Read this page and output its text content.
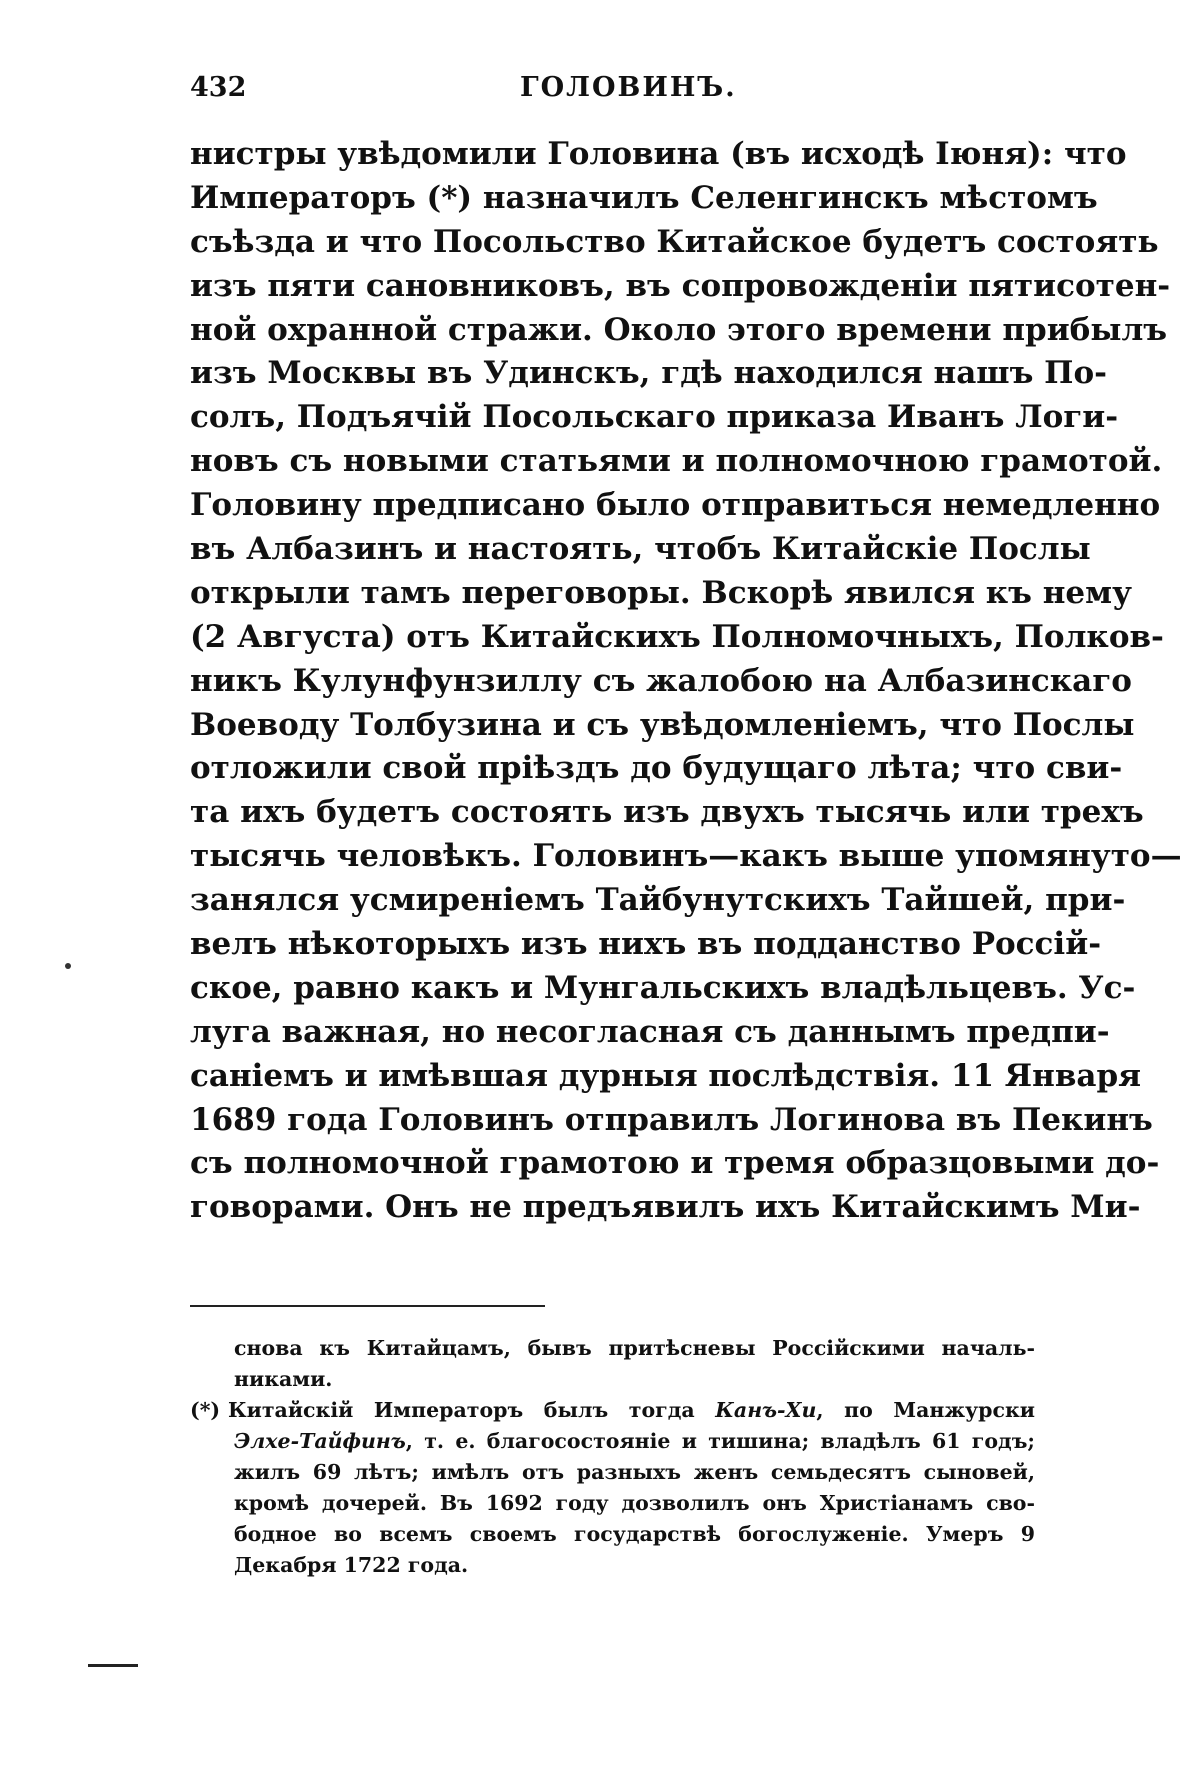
432	ГОЛОВИНЪ.
нистры увѣдомили Головина (въ исходѣ Іюня): что
Императоръ (*) назначилъ Селенгинскъ мѣстомъ
съѣзда и что Посольство Китайское будетъ состоять
изъ пяти сановниковъ, въ сопровожденіи пятисотен-
ной охранной стражи. Около этого времени прибылъ
изъ Москвы въ Удинскъ, гдѣ находился нашъ По-
солъ, Подъячій Посольскаго приказа Иванъ Логи-
новъ съ новыми статьями и полномочною грамотой.
Головину предписано было отправиться немедленно
въ Албазинъ и настоять, чтобъ Китайскіе Послы
открыли тамъ переговоры. Вскорѣ явился къ нему
(2 Августа) отъ Китайскихъ Полномочныхъ, Полков-
никъ Кулунфунзиллу съ жалобою на Албазинскаго
Воеводу Толбузина и съ увѣдомленіемъ, что Послы
отложили свой пріѣздъ до будущаго лѣта; что сви-
та ихъ будетъ состоять изъ двухъ тысячь или трехъ
тысячь человѣкъ. Головинъ—какъ выше упомянуто—
занялся усмиреніемъ Тайбунутскихъ Тайшей, при-
велъ нѣкоторыхъ изъ нихъ въ подданство Россій-
ское, равно какъ и Мунгальскихъ владѣльцевъ. Ус-
луга важная, но несогласная съ даннымъ предпи-
саніемъ и имѣвшая дурныя послѣдствія. 11 Января
1689 года Головинъ отправилъ Логинова въ Пекинъ
съ полномочной грамотою и тремя образцовыми до-
говорами. Онъ не предъявилъ ихъ Китайскимъ Ми-
снова къ Китайцамъ, бывъ притѣсневы Россійскими началь-
никами.
(*) Китайскій Императоръ былъ тогда Канъ-Хи, по Манжурски
Элхе-Тайфинъ, т. е. благосостояніе и тишина; владѣлъ 61 годъ;
жилъ 69 лѣтъ; имѣлъ отъ разныхъ женъ семьдесятъ сыновей,
кромѣ дочерей. Въ 1692 году дозволилъ онъ Христіанамъ сво-
бодное во всемъ своемъ государствѣ богослуженіе. Умеръ 9
Декабря 1722 года.
